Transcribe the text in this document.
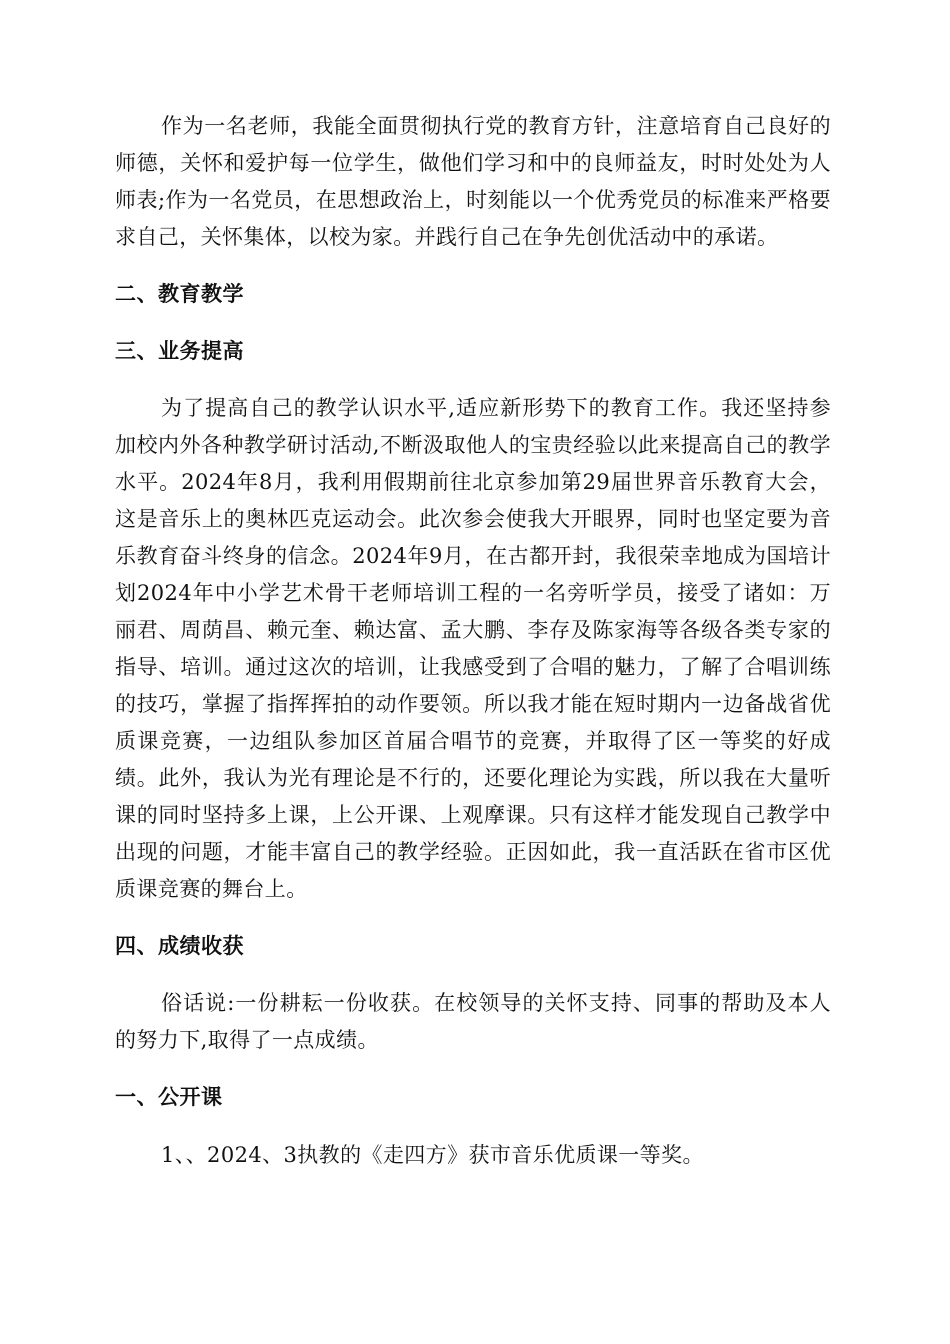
作为一名老师，我能全面贯彻执行党的教育方针，注意培育自己良好的师德，关怀和爱护每一位学生，做他们学习和中的良师益友，时时处处为人师表;作为一名党员，在思想政治上，时刻能以一个优秀党员的标准来严格要求自己，关怀集体，以校为家。并践行自己在争先创优活动中的承诺。

二、教育教学

三、业务提高

为了提高自己的教学认识水平,适应新形势下的教育工作。我还坚持参加校内外各种教学研讨活动,不断汲取他人的宝贵经验以此来提高自己的教学水平。2024年8月，我利用假期前往北京参加第29届世界音乐教育大会，这是音乐上的奥林匹克运动会。此次参会使我大开眼界，同时也坚定要为音乐教育奋斗终身的信念。2024年9月，在古都开封，我很荣幸地成为国培计划2024年中小学艺术骨干老师培训工程的一名旁听学员，接受了诸如：万丽君、周荫昌、赖元奎、赖达富、孟大鹏、李存及陈家海等各级各类专家的指导、培训。通过这次的培训，让我感受到了合唱的魅力，了解了合唱训练的技巧，掌握了指挥挥拍的动作要领。所以我才能在短时期内一边备战省优质课竞赛，一边组队参加区首届合唱节的竞赛，并取得了区一等奖的好成绩。此外，我认为光有理论是不行的，还要化理论为实践，所以我在大量听课的同时坚持多上课，上公开课、上观摩课。只有这样才能发现自己教学中出现的问题，才能丰富自己的教学经验。正因如此，我一直活跃在省市区优质课竞赛的舞台上。

四、成绩收获

俗话说:一份耕耘一份收获。在校领导的关怀支持、同事的帮助及本人的努力下,取得了一点成绩。

一、公开课

1、、2024、3执教的《走四方》获市音乐优质课一等奖。
